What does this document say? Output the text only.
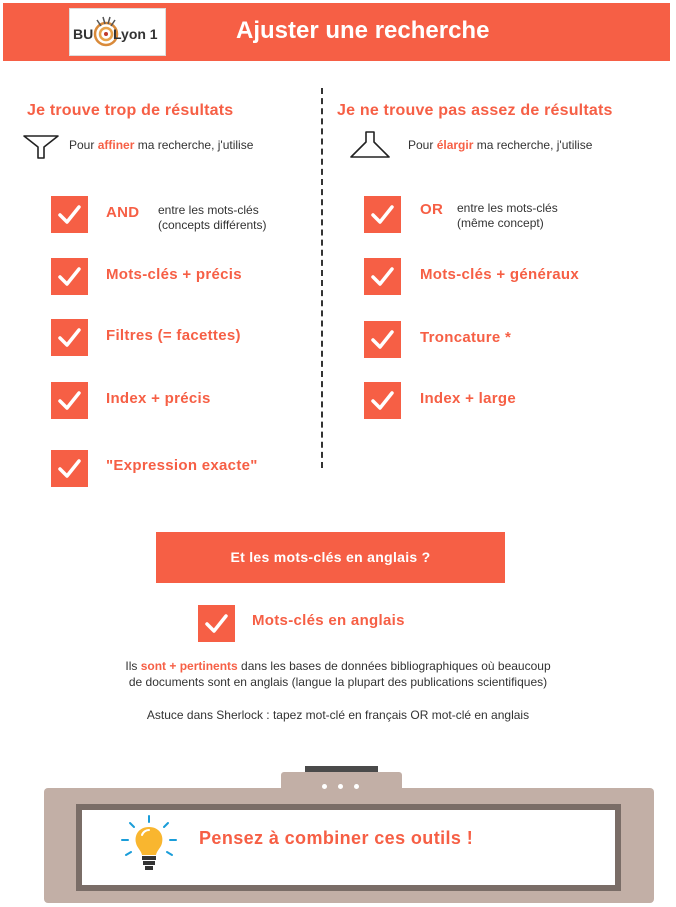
BU Lyon 1	Ajuster une recherche
Je trouve trop de résultats
Pour affiner ma recherche, j'utilise
AND entre les mots-clés
(concepts différents)
Mots-clés + précis
Filtres (= facettes)
Index + précis
"Expression exacte"
Je ne trouve pas assez de résultats
Pour élargir ma recherche, j'utilise
OR entre les mots-clés
(même concept)
Mots-clés + généraux
Troncature *
Index + large
Et les mots-clés en anglais ?
Mots-clés en anglais
Ils sont + pertinents dans les bases de données bibliographiques où beaucoup
de documents sont en anglais (langue la plupart des publications scientifiques)
Astuce dans Sherlock : tapez mot-clé en français OR mot-clé en anglais
Pensez à combiner ces outils !
